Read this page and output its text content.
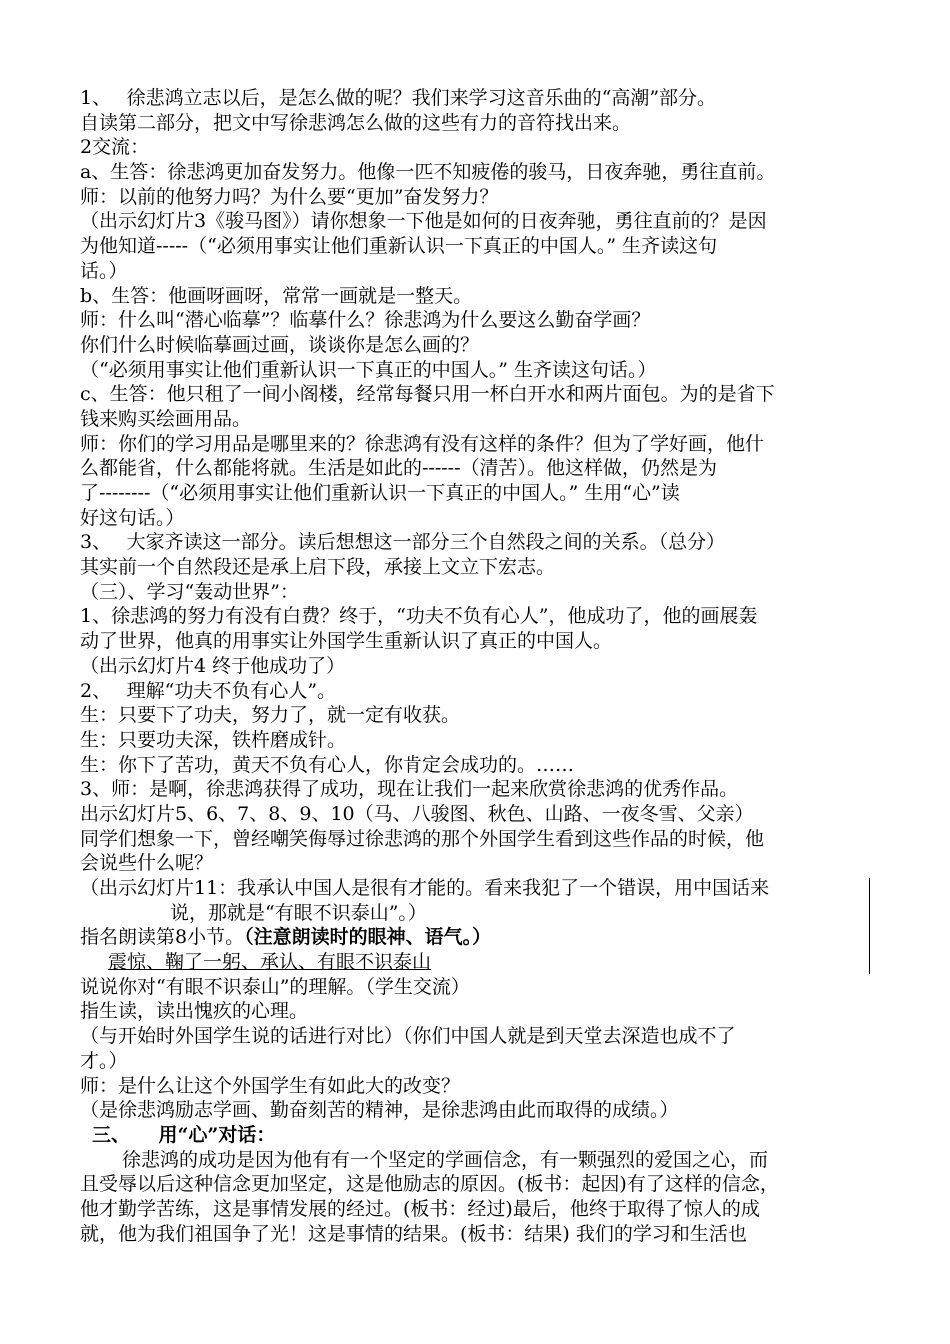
1、　 徐悲鸿立志以后，是怎么做的呢？我们来学习这音乐曲的“高潮”部分。
自读第二部分，把文中写徐悲鸿怎么做的这些有力的音符找出来。
2交流：
a、生答：徐悲鸿更加奋发努力。他像一匹不知疲倦的骏马，日夜奔驰，勇往直前。
师：以前的他努力吗？为什么要“更加”奋发努力？
（出示幻灯片3《骏马图》）请你想象一下他是如何的日夜奔驰，勇往直前的？是因
为他知道-----（“必须用事实让他们重新认识一下真正的中国人。” 生齐读这句
话。）
b、生答：他画呀画呀，常常一画就是一整天。
师：什么叫“潜心临摹”？临摹什么？徐悲鸿为什么要这么勤奋学画？
你们什么时候临摹画过画，谈谈你是怎么画的？
（“必须用事实让他们重新认识一下真正的中国人。” 生齐读这句话。）
c、生答：他只租了一间小阁楼，经常每餐只用一杯白开水和两片面包。为的是省下
钱来购买绘画用品。
师：你们的学习用品是哪里来的？徐悲鸿有没有这样的条件？但为了学好画，他什
么都能省，什么都能将就。生活是如此的------（清苦）。他这样做，仍然是为
了--------（“必须用事实让他们重新认识一下真正的中国人。” 生用“心”读
好这句话。）
3、　 大家齐读这一部分。读后想想这一部分三个自然段之间的关系。（总分）
其实前一个自然段还是承上启下段，承接上文立下宏志。
（三）、学习“轰动世界”：
1、徐悲鸿的努力有没有白费？终于，“功夫不负有心人”，他成功了，他的画展轰
动了世界，他真的用事实让外国学生重新认识了真正的中国人。
（出示幻灯片4 终于他成功了）
2、　 理解“功夫不负有心人”。
生：只要下了功夫，努力了，就一定有收获。
生：只要功夫深，铁杵磨成针。
生：你下了苦功，黄天不负有心人，你肯定会成功的。……
3、师：是啊，徐悲鸿获得了成功，现在让我们一起来欣赏徐悲鸿的优秀作品。
出示幻灯片5、6、7、8、9、10（马、八骏图、秋色、山路、一夜冬雪、父亲）
同学们想象一下，曾经嘲笑侮辱过徐悲鸿的那个外国学生看到这些作品的时候，他
会说些什么呢？
（出示幻灯片11：我承认中国人是很有才能的。看来我犯了一个错误，用中国话来
说，那就是“有眼不识泰山”。）
指名朗读第8小节。（注意朗读时的眼神、语气。）
震惊、鞠了一躬、承认、有眼不识泰山
说说你对“有眼不识泰山”的理解。（学生交流）
指生读，读出愧疚的心理。
（与开始时外国学生说的话进行对比）（你们中国人就是到天堂去深造也成不了
才。）
师：是什么让这个外国学生有如此大的改变？
（是徐悲鸿励志学画、勤奋刻苦的精神，是徐悲鸿由此而取得的成绩。）
三、　　用“心”对话：
徐悲鸿的成功是因为他有有一个坚定的学画信念，有一颗强烈的爱国之心，而
且受辱以后这种信念更加坚定，这是他励志的原因。(板书：起因)有了这样的信念，
他才勤学苦练，这是事情发展的经过。(板书：经过)最后，他终于取得了惊人的成
就，他为我们祖国争了光！这是事情的结果。(板书：结果) 我们的学习和生活也
